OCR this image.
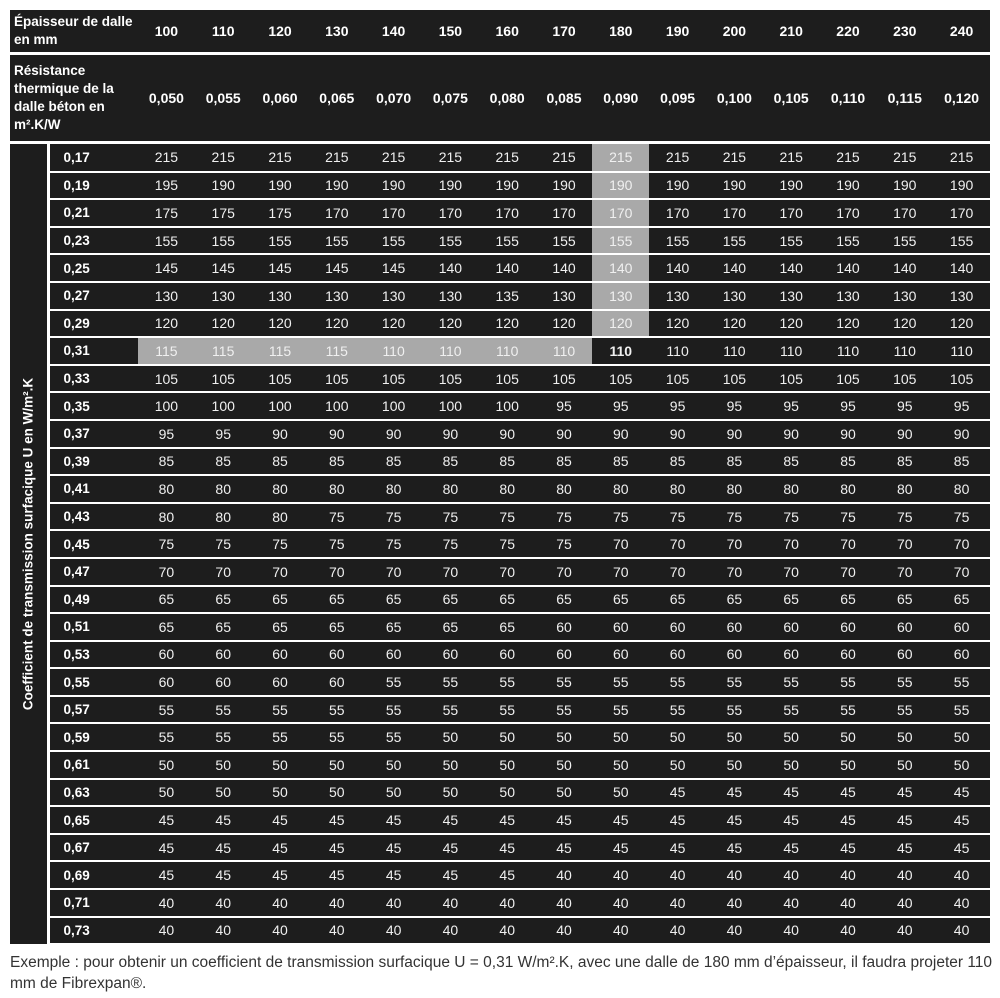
Épaisseur de dalle en mm		100	110	120	130	140	150	160	170	180	190	200	210	220	230	240

Résistance thermique de la dalle béton en m².K/W		0,050	0,055	0,060	0,065	0,070	0,075	0,080	0,085	0,090	0,095	0,100	0,105	0,110	0,115	0,120

Coefficient de transmission surfacique U en W/m².K	0,17	215	215	215	215	215	215	215	215	215	215	215	215	215	215	215
	0,19	195	190	190	190	190	190	190	190	190	190	190	190	190	190	190
	0,21	175	175	175	170	170	170	170	170	170	170	170	170	170	170	170
	0,23	155	155	155	155	155	155	155	155	155	155	155	155	155	155	155
	0,25	145	145	145	145	145	140	140	140	140	140	140	140	140	140	140
	0,27	130	130	130	130	130	130	135	130	130	130	130	130	130	130	130
	0,29	120	120	120	120	120	120	120	120	120	120	120	120	120	120	120
	0,31	115	115	115	115	110	110	110	110	110	110	110	110	110	110	110
	0,33	105	105	105	105	105	105	105	105	105	105	105	105	105	105	105
	0,35	100	100	100	100	100	100	100	95	95	95	95	95	95	95	95
	0,37	95	95	90	90	90	90	90	90	90	90	90	90	90	90	90
	0,39	85	85	85	85	85	85	85	85	85	85	85	85	85	85	85
	0,41	80	80	80	80	80	80	80	80	80	80	80	80	80	80	80
	0,43	80	80	80	75	75	75	75	75	75	75	75	75	75	75	75
	0,45	75	75	75	75	75	75	75	75	70	70	70	70	70	70	70
	0,47	70	70	70	70	70	70	70	70	70	70	70	70	70	70	70
	0,49	65	65	65	65	65	65	65	65	65	65	65	65	65	65	65
	0,51	65	65	65	65	65	65	65	60	60	60	60	60	60	60	60
	0,53	60	60	60	60	60	60	60	60	60	60	60	60	60	60	60
	0,55	60	60	60	60	55	55	55	55	55	55	55	55	55	55	55
	0,57	55	55	55	55	55	55	55	55	55	55	55	55	55	55	55
	0,59	55	55	55	55	55	50	50	50	50	50	50	50	50	50	50
	0,61	50	50	50	50	50	50	50	50	50	50	50	50	50	50	50
	0,63	50	50	50	50	50	50	50	50	50	45	45	45	45	45	45
	0,65	45	45	45	45	45	45	45	45	45	45	45	45	45	45	45
	0,67	45	45	45	45	45	45	45	45	45	45	45	45	45	45	45
	0,69	45	45	45	45	45	45	45	40	40	40	40	40	40	40	40
	0,71	40	40	40	40	40	40	40	40	40	40	40	40	40	40	40
	0,73	40	40	40	40	40	40	40	40	40	40	40	40	40	40	40
Exemple : pour obtenir un coefficient de transmission surfacique U = 0,31 W/m².K, avec une dalle de 180 mm d’épaisseur, il faudra projeter 110 mm de Fibrexpan®.
